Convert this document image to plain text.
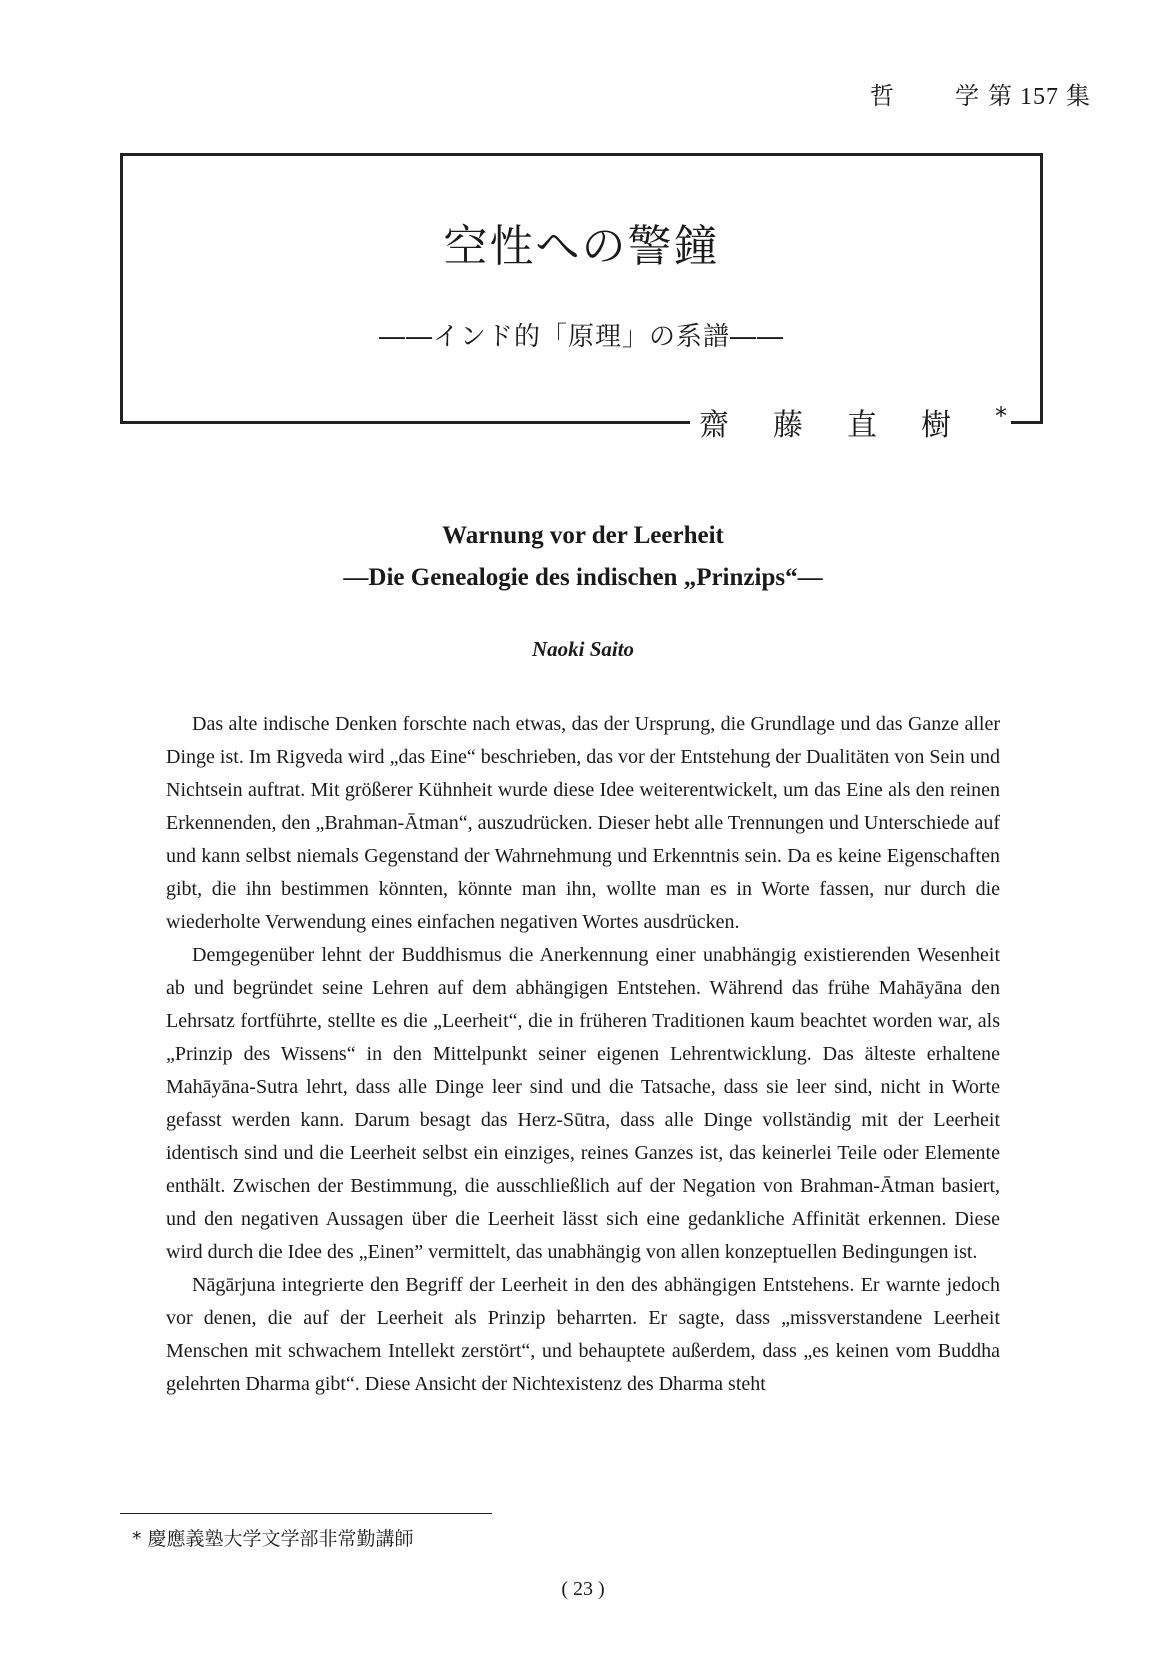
哲	学 第 157 集
空性への警鐘
――インド的「原理」の系譜――
齋藤直樹*
Warnung vor der Leerheit
—Die Genealogie des indischen „Prinzips“—
Naoki Saito

Das alte indische Denken forschte nach etwas, das der Ursprung, die Grundlage und das Ganze aller Dinge ist. Im Rigveda wird „das Eine“ beschrieben, das vor der Entstehung der Dualitäten von Sein und Nichtsein auftrat. Mit größerer Kühnheit wurde diese Idee weiterentwickelt, um das Eine als den reinen Erkennenden, den „Brahman-Ātman“, auszudrücken. Dieser hebt alle Trennungen und Unterschiede auf und kann selbst niemals Gegenstand der Wahrnehmung und Erkenntnis sein. Da es keine Eigenschaften gibt, die ihn bestimmen könnten, könnte man ihn, wollte man es in Worte fassen, nur durch die wiederholte Verwendung eines einfachen negativen Wortes ausdrücken.

Demgegenüber lehnt der Buddhismus die Anerkennung einer unabhängig existierenden Wesenheit ab und begründet seine Lehren auf dem abhängigen Entstehen. Während das frühe Mahāyāna den Lehrsatz fortführte, stellte es die „Leerheit“, die in früheren Traditionen kaum beachtet worden war, als „Prinzip des Wissens“ in den Mittelpunkt seiner eigenen Lehrentwicklung. Das älteste erhaltene Mahāyāna-Sutra lehrt, dass alle Dinge leer sind und die Tatsache, dass sie leer sind, nicht in Worte gefasst werden kann. Darum besagt das Herz-Sūtra, dass alle Dinge vollständig mit der Leerheit identisch sind und die Leerheit selbst ein einziges, reines Ganzes ist, das keinerlei Teile oder Elemente enthält. Zwischen der Bestimmung, die ausschließlich auf der Negation von Brahman-Ātman basiert, und den negativen Aussagen über die Leerheit lässt sich eine gedankliche Affinität erkennen. Diese wird durch die Idee des „Einen” vermittelt, das unabhängig von allen konzeptuellen Bedingungen ist.

Nāgārjuna integrierte den Begriff der Leerheit in den des abhängigen Entstehens. Er warnte jedoch vor denen, die auf der Leerheit als Prinzip beharrten. Er sagte, dass „missverstandene Leerheit Menschen mit schwachem Intellekt zerstört“, und behauptete außerdem, dass „es keinen vom Buddha gelehrten Dharma gibt“. Diese Ansicht der Nichtexistenz des Dharma steht

* 慶應義塾大学文学部非常勤講師
( 23 )
